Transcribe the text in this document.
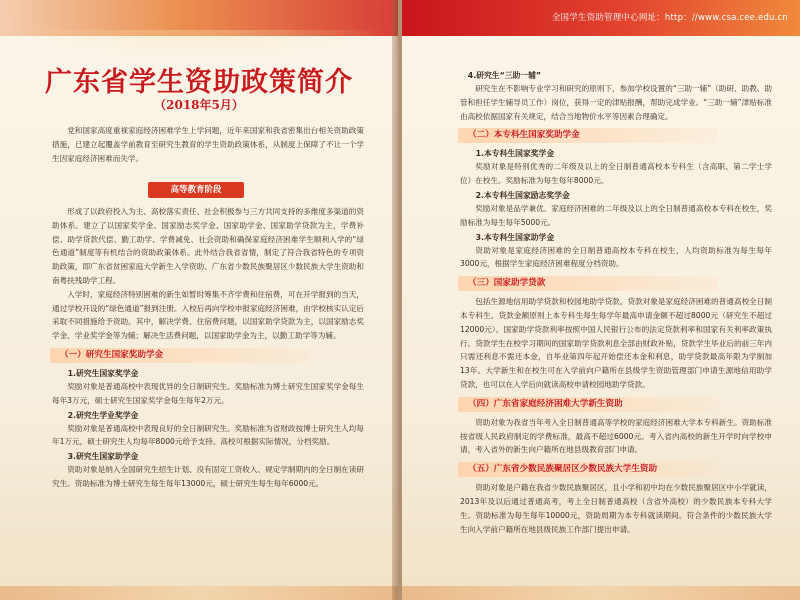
广东省学生资助政策简介
（2018年5月）

党和国家高度重视家庭经济困难学生上学问题，近年来国家和我省密集出台相关资助政策措施，已建立起覆盖学前教育至研究生教育的学生资助政策体系，从制度上保障了不让一个学生因家庭经济困难而失学。

高等教育阶段

形成了以政府投入为主、高校落实责任、社会积极参与三方共同支持的多维度多渠道的资助体系。建立了以国家奖学金、国家励志奖学金、国家助学金、国家助学贷款为主，学费补偿、助学贷款代偿、勤工助学、学费减免、社会资助和确保家庭经济困难学生顺利入学的“绿色通道”制度等有机结合的资助政策体系。此外结合我省省情，制定了符合我省特色的专项资助政策，即广东省贫困家庭大学新生入学资助、广东省少数民族聚居区少数民族大学生资助和南粤扶残助学工程。

入学时，家庭经济特别困难的新生如暂时筹集不齐学费和住宿费，可在开学报到的当天，通过学校开设的“绿色通道”报到注册。入校后再向学校申报家庭经济困难，由学校核实认定后采取不同措施给予资助。其中，解决学费、住宿费问题，以国家助学贷款为主，以国家励志奖学金、学业奖学金等为辅；解决生活费问题，以国家助学金为主，以勤工助学等为辅。

（一）研究生国家奖助学金

1.研究生国家奖学金

奖励对象是普通高校中表现优异的全日制研究生。奖励标准为博士研究生国家奖学金每生每年3万元，硕士研究生国家奖学金每生每年2万元。

2.研究生学业奖学金

奖励对象是普通高校中表现良好的全日制研究生。奖励标准为省财政按博士研究生人均每年1万元，硕士研究生人均每年8000元给予支持。高校可根据实际情况，分档奖励。

3.研究生国家助学金

资助对象是纳入全国研究生招生计划、没有固定工资收入、规定学制期内的全日制在读研究生。资助标准为博士研究生每生每年13000元，硕士研究生每生每年6000元。

全国学生资助管理中心网址：http：//www.csa.cee.edu.cn

4.研究生“三助一辅”

研究生在不影响专业学习和研究的原则下，参加学校设置的“三助一辅”（助研、助教、助管和担任学生辅导员工作）岗位，获得一定的津贴报酬，帮助完成学业。“三助一辅”津贴标准由高校依据国家有关规定，结合当地物价水平等因素合理确定。

（二）本专科生国家奖助学金

1.本专科生国家奖学金

奖励对象是特别优秀的二年级及以上的全日制普通高校本专科生（含高职、第二学士学位）在校生。奖励标准为每生每年8000元。

2.本专科生国家励志奖学金

奖励对象是品学兼优、家庭经济困难的二年级及以上的全日制普通高校本专科在校生，奖励标准为每生每年5000元。

3.本专科生国家助学金

资助对象是家庭经济困难的全日制普通高校本专科在校生，人均资助标准为每生每年3000元，根据学生家庭经济困难程度分档资助。

（三）国家助学贷款

包括生源地信用助学贷款和校园地助学贷款。贷款对象是家庭经济困难的普通高校全日制本专科生。贷款金额原则上本专科生每生每学年最高申请金额不超过8000元（研究生不超过12000元）。国家助学贷款利率按照中国人民银行公布的法定贷款利率和国家有关利率政策执行。贷款学生在校学习期间的国家助学贷款利息全部由财政补贴，贷款学生毕业后的前三年内只需还利息不需还本金，自毕业第四年起开始偿还本金和利息，助学贷款最高年限为学制加13年。大学新生和在校生可在入学前向户籍所在县级学生资助管理部门申请生源地信用助学贷款，也可以在入学后向就读高校申请校园地助学贷款。

（四）广东省家庭经济困难大学新生资助

资助对象为我省当年考入全日制普通高等学校的家庭经济困难大学本专科新生。资助标准按省级人民政府制定的学费标准，最高不超过6000元。考入省内高校的新生开学时向学校申请，考入省外的新生向户籍所在地县级教育部门申请。

（五）广东省少数民族聚居区少数民族大学生资助

资助对象是户籍在我省少数民族聚居区，且小学和初中均在少数民族聚居区中小学就读，2013年及以后通过普通高考，考上全日制普通高校（含省外高校）的少数民族本专科大学生。资助标准为每生每年10000元，资助周期为本专科就读期间。符合条件的少数民族大学生向入学前户籍所在地县级民族工作部门提出申请。
